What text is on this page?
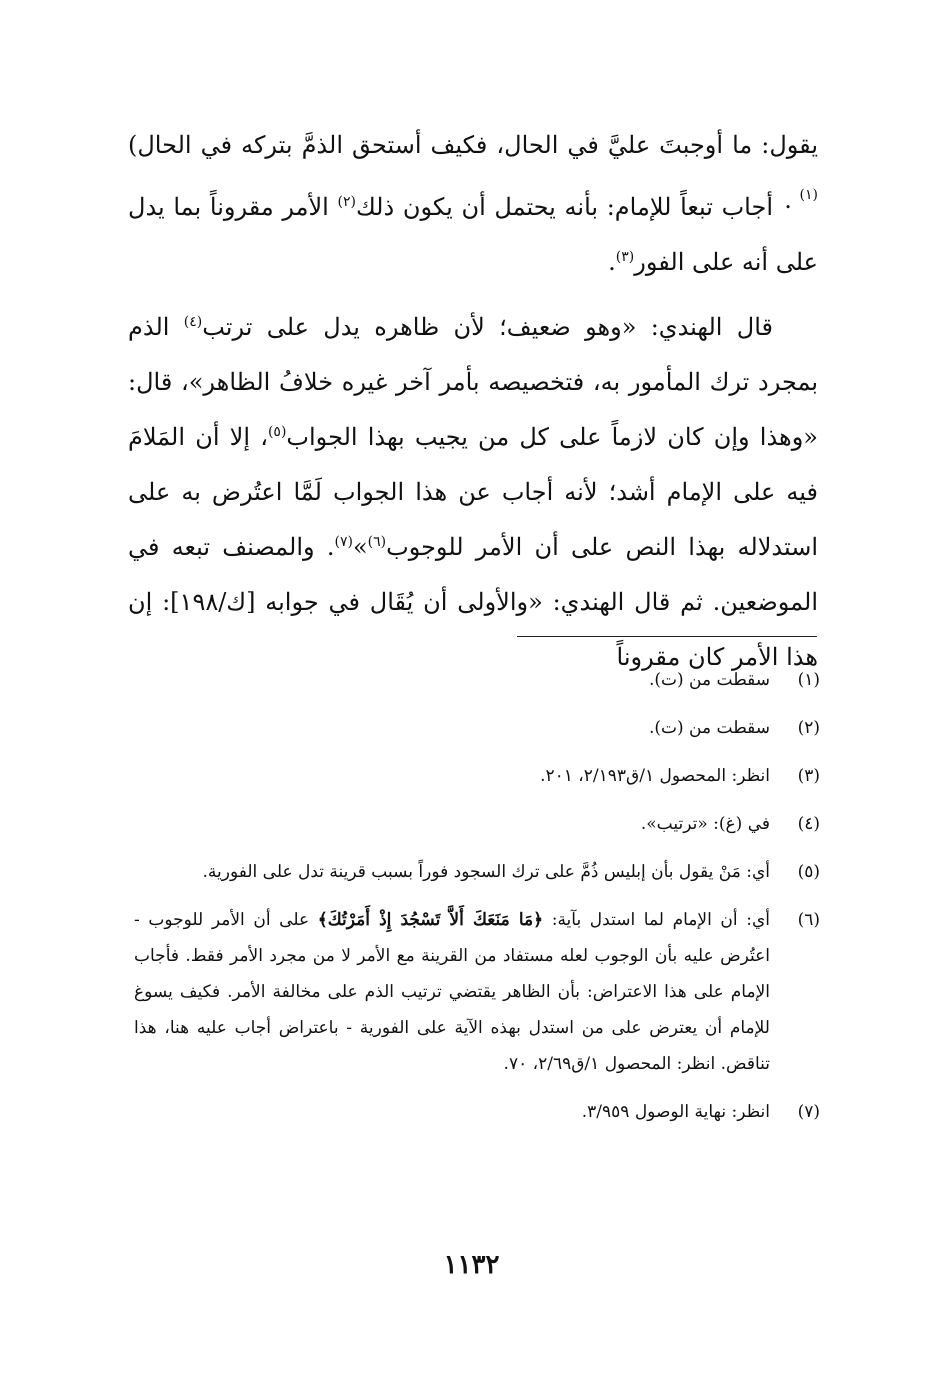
يقول: ما أوجبتَ عليَّ في الحال، فكيف أستحق الذمَّ بتركه في الحال) $^{(١)}$ .

أجاب تبعاً للإمام: بأنه يحتمل أن يكون ذلك$^{(٢)}$ الأمر مقروناً بما يدل على أنه على الفور$^{(٣)}$.

قال الهندي: «وهو ضعيف؛ لأن ظاهره يدل على ترتب$^{(٤)}$ الذم بمجرد ترك المأمور به، فتخصيصه بأمر آخر غيره خلافُ الظاهر»، قال: «وهذا وإن كان لازماً على كل من يجيب بهذا الجواب$^{(٥)}$، إلا أن المَلامَ فيه على الإمام أشد؛ لأنه أجاب عن هذا الجواب لَمَّا اعتُرض به على استدلاله بهذا النص على أن الأمر للوجوب$^{(٦)}$»$^{(٧)}$. والمصنف تبعه في الموضعين. ثم قال الهندي: «والأولى أن يُقَال في جوابه [ك/١٩٨]: إن هذا الأمر كان مقروناً

(١)
سقطت من (ت).
(٢)
سقطت من (ت).
(٣)
انظر: المحصول ١/ق٢/١٩٣، ٢٠١.
(٤)
في (غ): «ترتيب».
(٥)
أي: مَنْ يقول بأن إبليس ذُمَّ على ترك السجود فوراً بسبب قرينة تدل على الفورية.
(٦)
أي: أن الإمام لما استدل بآية: ﴿مَا مَنَعَكَ أَلاَّ تَسْجُدَ إِذْ أَمَرْتُكَ﴾ على أن الأمر للوجوب - اعتُرض عليه بأن الوجوب لعله مستفاد من القرينة مع الأمر لا من مجرد الأمر فقط. فأجاب الإمام على هذا الاعتراض: بأن الظاهر يقتضي ترتيب الذم على مخالفة الأمر. فكيف يسوغ للإمام أن يعترض على من استدل بهذه الآية على الفورية - باعتراض أجاب عليه هنا، هذا تناقض. انظر: المحصول ١/ق٢/٦٩، ٧٠.
(٧)
انظر: نهاية الوصول ٣/٩٥٩.
١١٣٢
